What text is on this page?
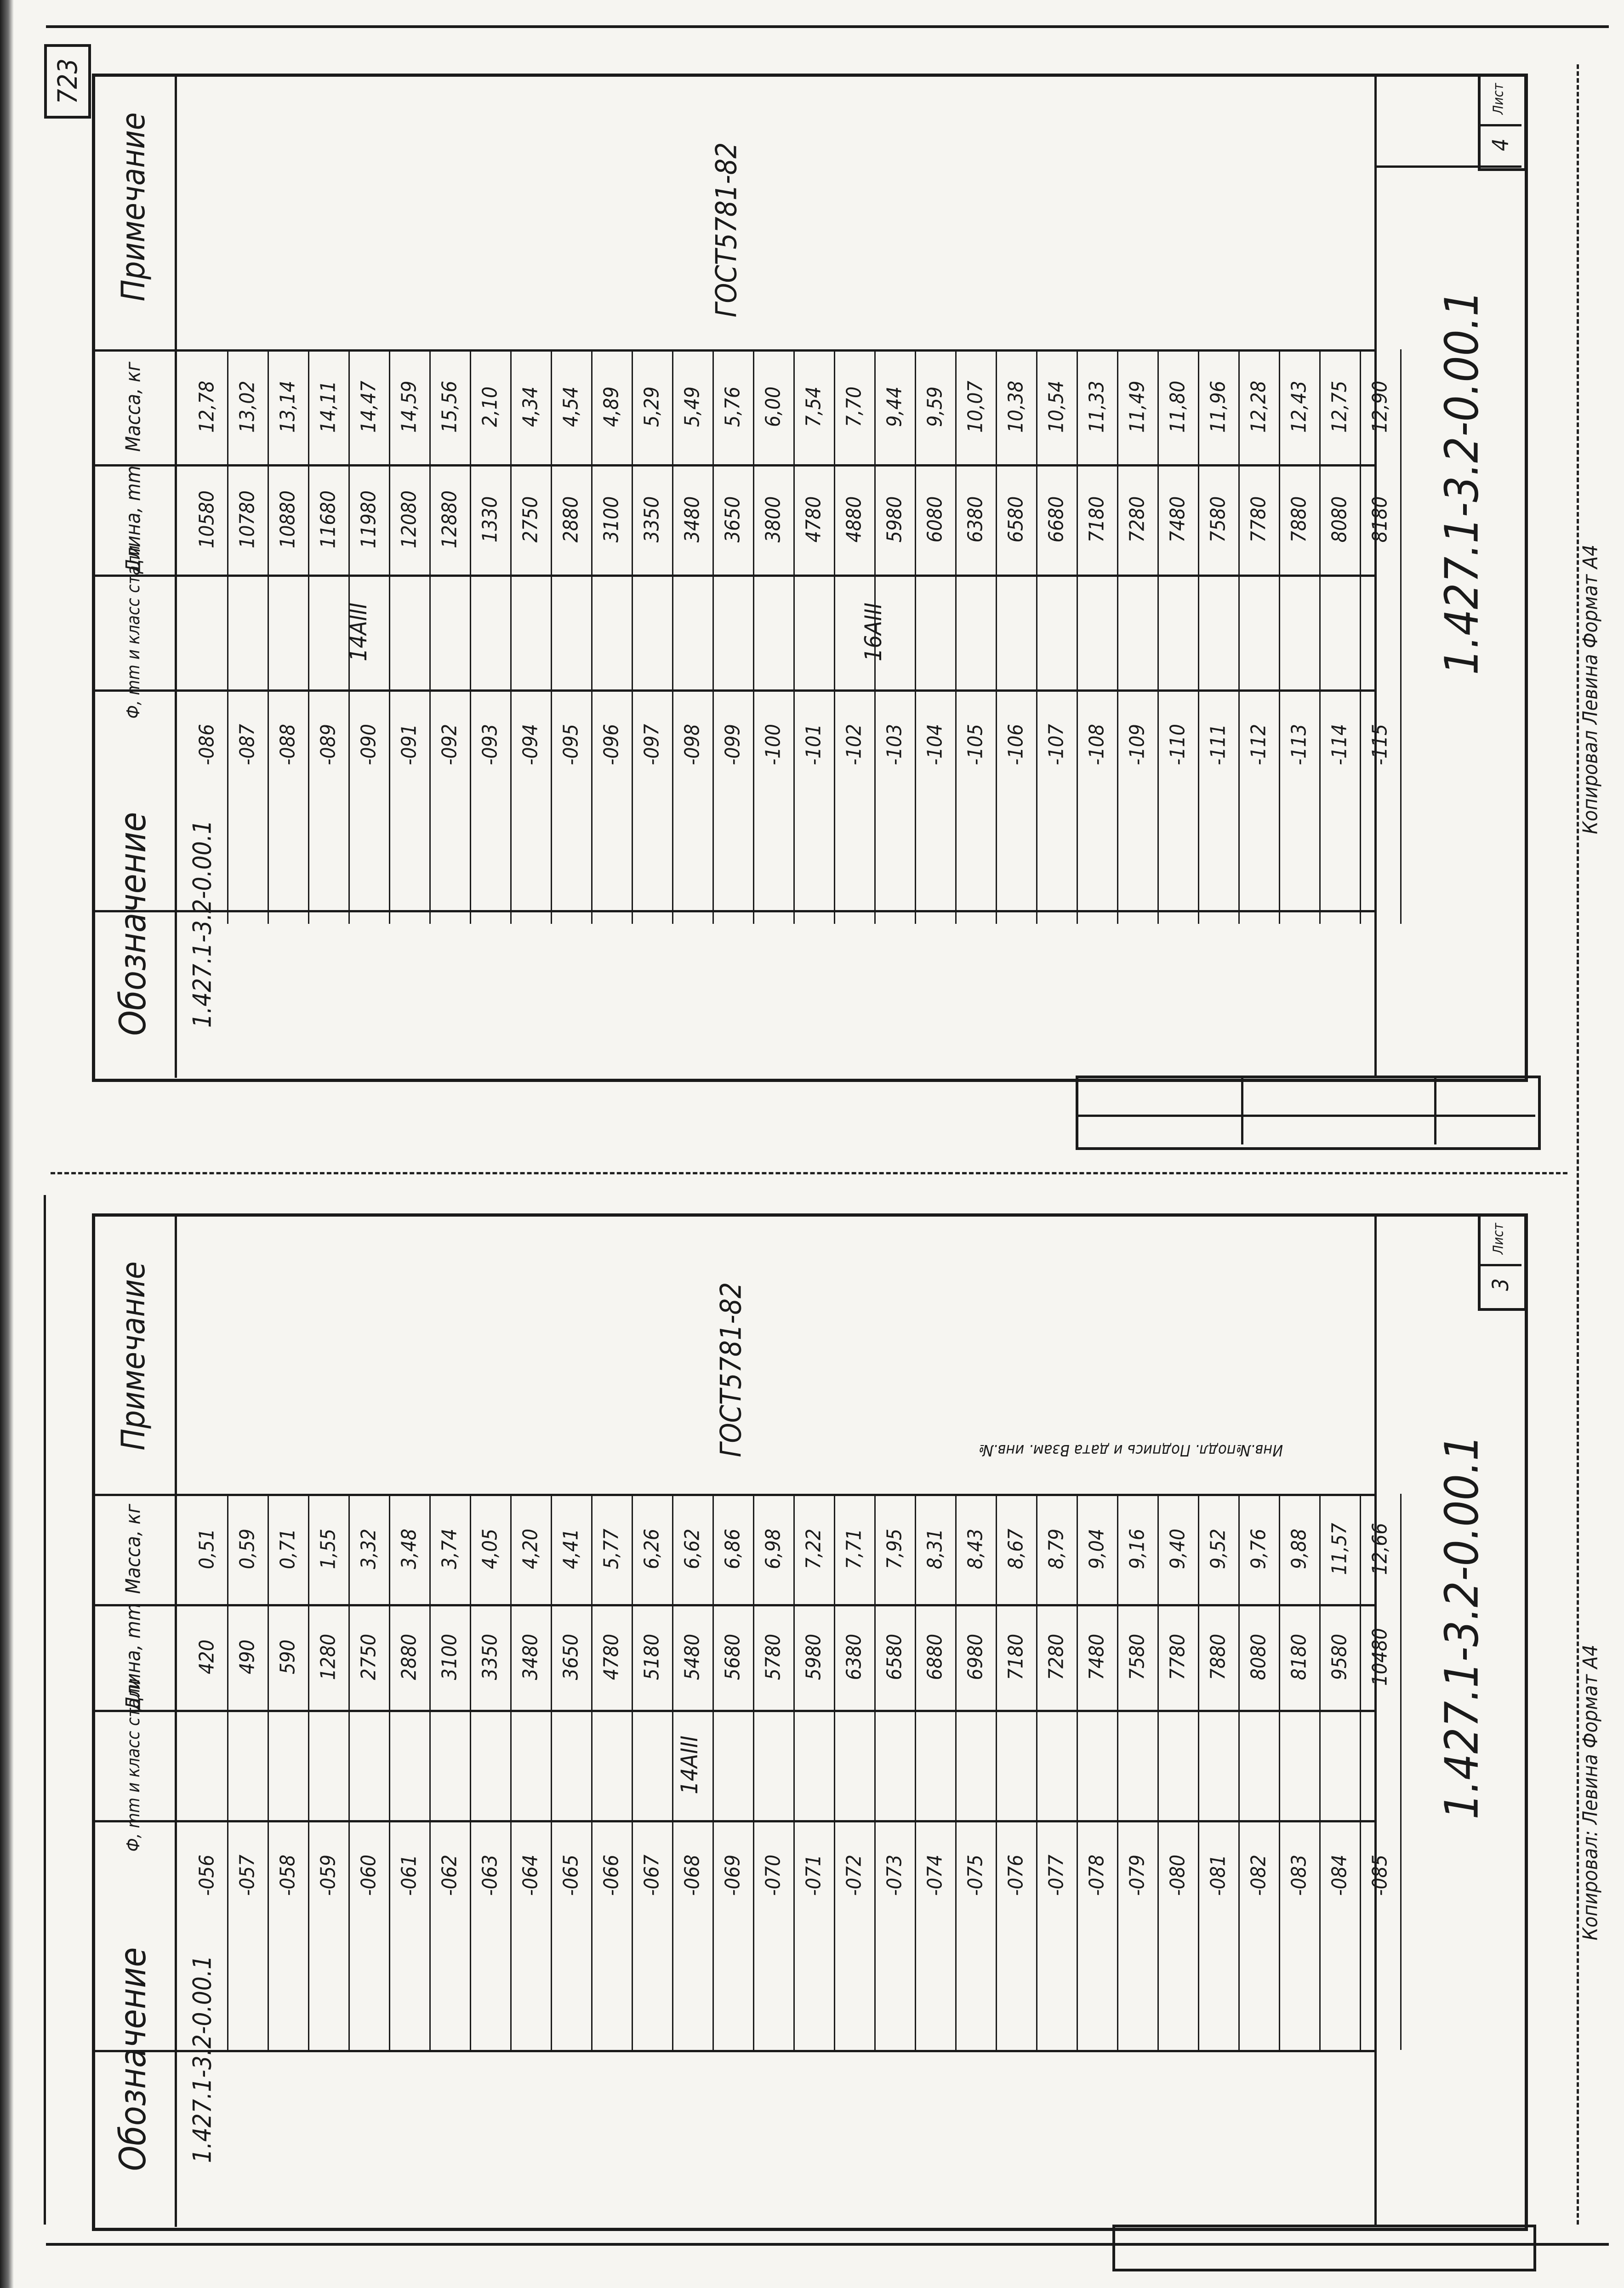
723
Обозначение
Ф, mm и класс стали
Длина, mm
Масса, кг
Примечание
-086
10580
12,78
-087
10780
13,02
-088
10880
13,14
-089
11680
14,11
-090
11980
14,47
-091
12080
14,59
-092
12880
15,56
-093
1330
2,10
-094
2750
4,34
-095
2880
4,54
-096
3100
4,89
-097
3350
5,29
-098
3480
5,49
-099
3650
5,76
-100
3800
6,00
-101
4780
7,54
-102
4880
7,70
-103
5980
9,44
-104
6080
9,59
-105
6380
10,07
-106
6580
10,38
-107
6680
10,54
-108
7180
11,33
-109
7280
11,49
-110
7480
11,80
-111
7580
11,96
-112
7780
12,28
-113
7880
12,43
-114
8080
12,75
-115
8180
12,90
1.427.1-3.2-0.00.1
14АIII	16АIII
ГОСТ5781-82
1.427.1-3.2-0.00.1
Лист
4
Копировал Левина Формат А4
Инв.№подл. Подпись и дата Взам. инв.№
Обозначение
Ф, mm и класс стали
Длина, mm
Масса, кг
Примечание
-056
420
0,51
-057
490
0,59
-058
590
0,71
-059
1280
1,55
-060
2750
3,32
-061
2880
3,48
-062
3100
3,74
-063
3350
4,05
-064
3480
4,20
-065
3650
4,41
-066
4780
5,77
-067
5180
6,26
-068
5480
6,62
-069
5680
6,86
-070
5780
6,98
-071
5980
7,22
-072
6380
7,71
-073
6580
7,95
-074
6880
8,31
-075
6980
8,43
-076
7180
8,67
-077
7280
8,79
-078
7480
9,04
-079
7580
9,16
-080
7780
9,40
-081
7880
9,52
-082
8080
9,76
-083
8180
9,88
-084
9580
11,57
-085
10480
12,66
1.427.1-3.2-0.00.1
14АIII
ГОСТ5781-82
1.427.1-3.2-0.00.1
Лист
3
Копировал: Левина Формат А4
